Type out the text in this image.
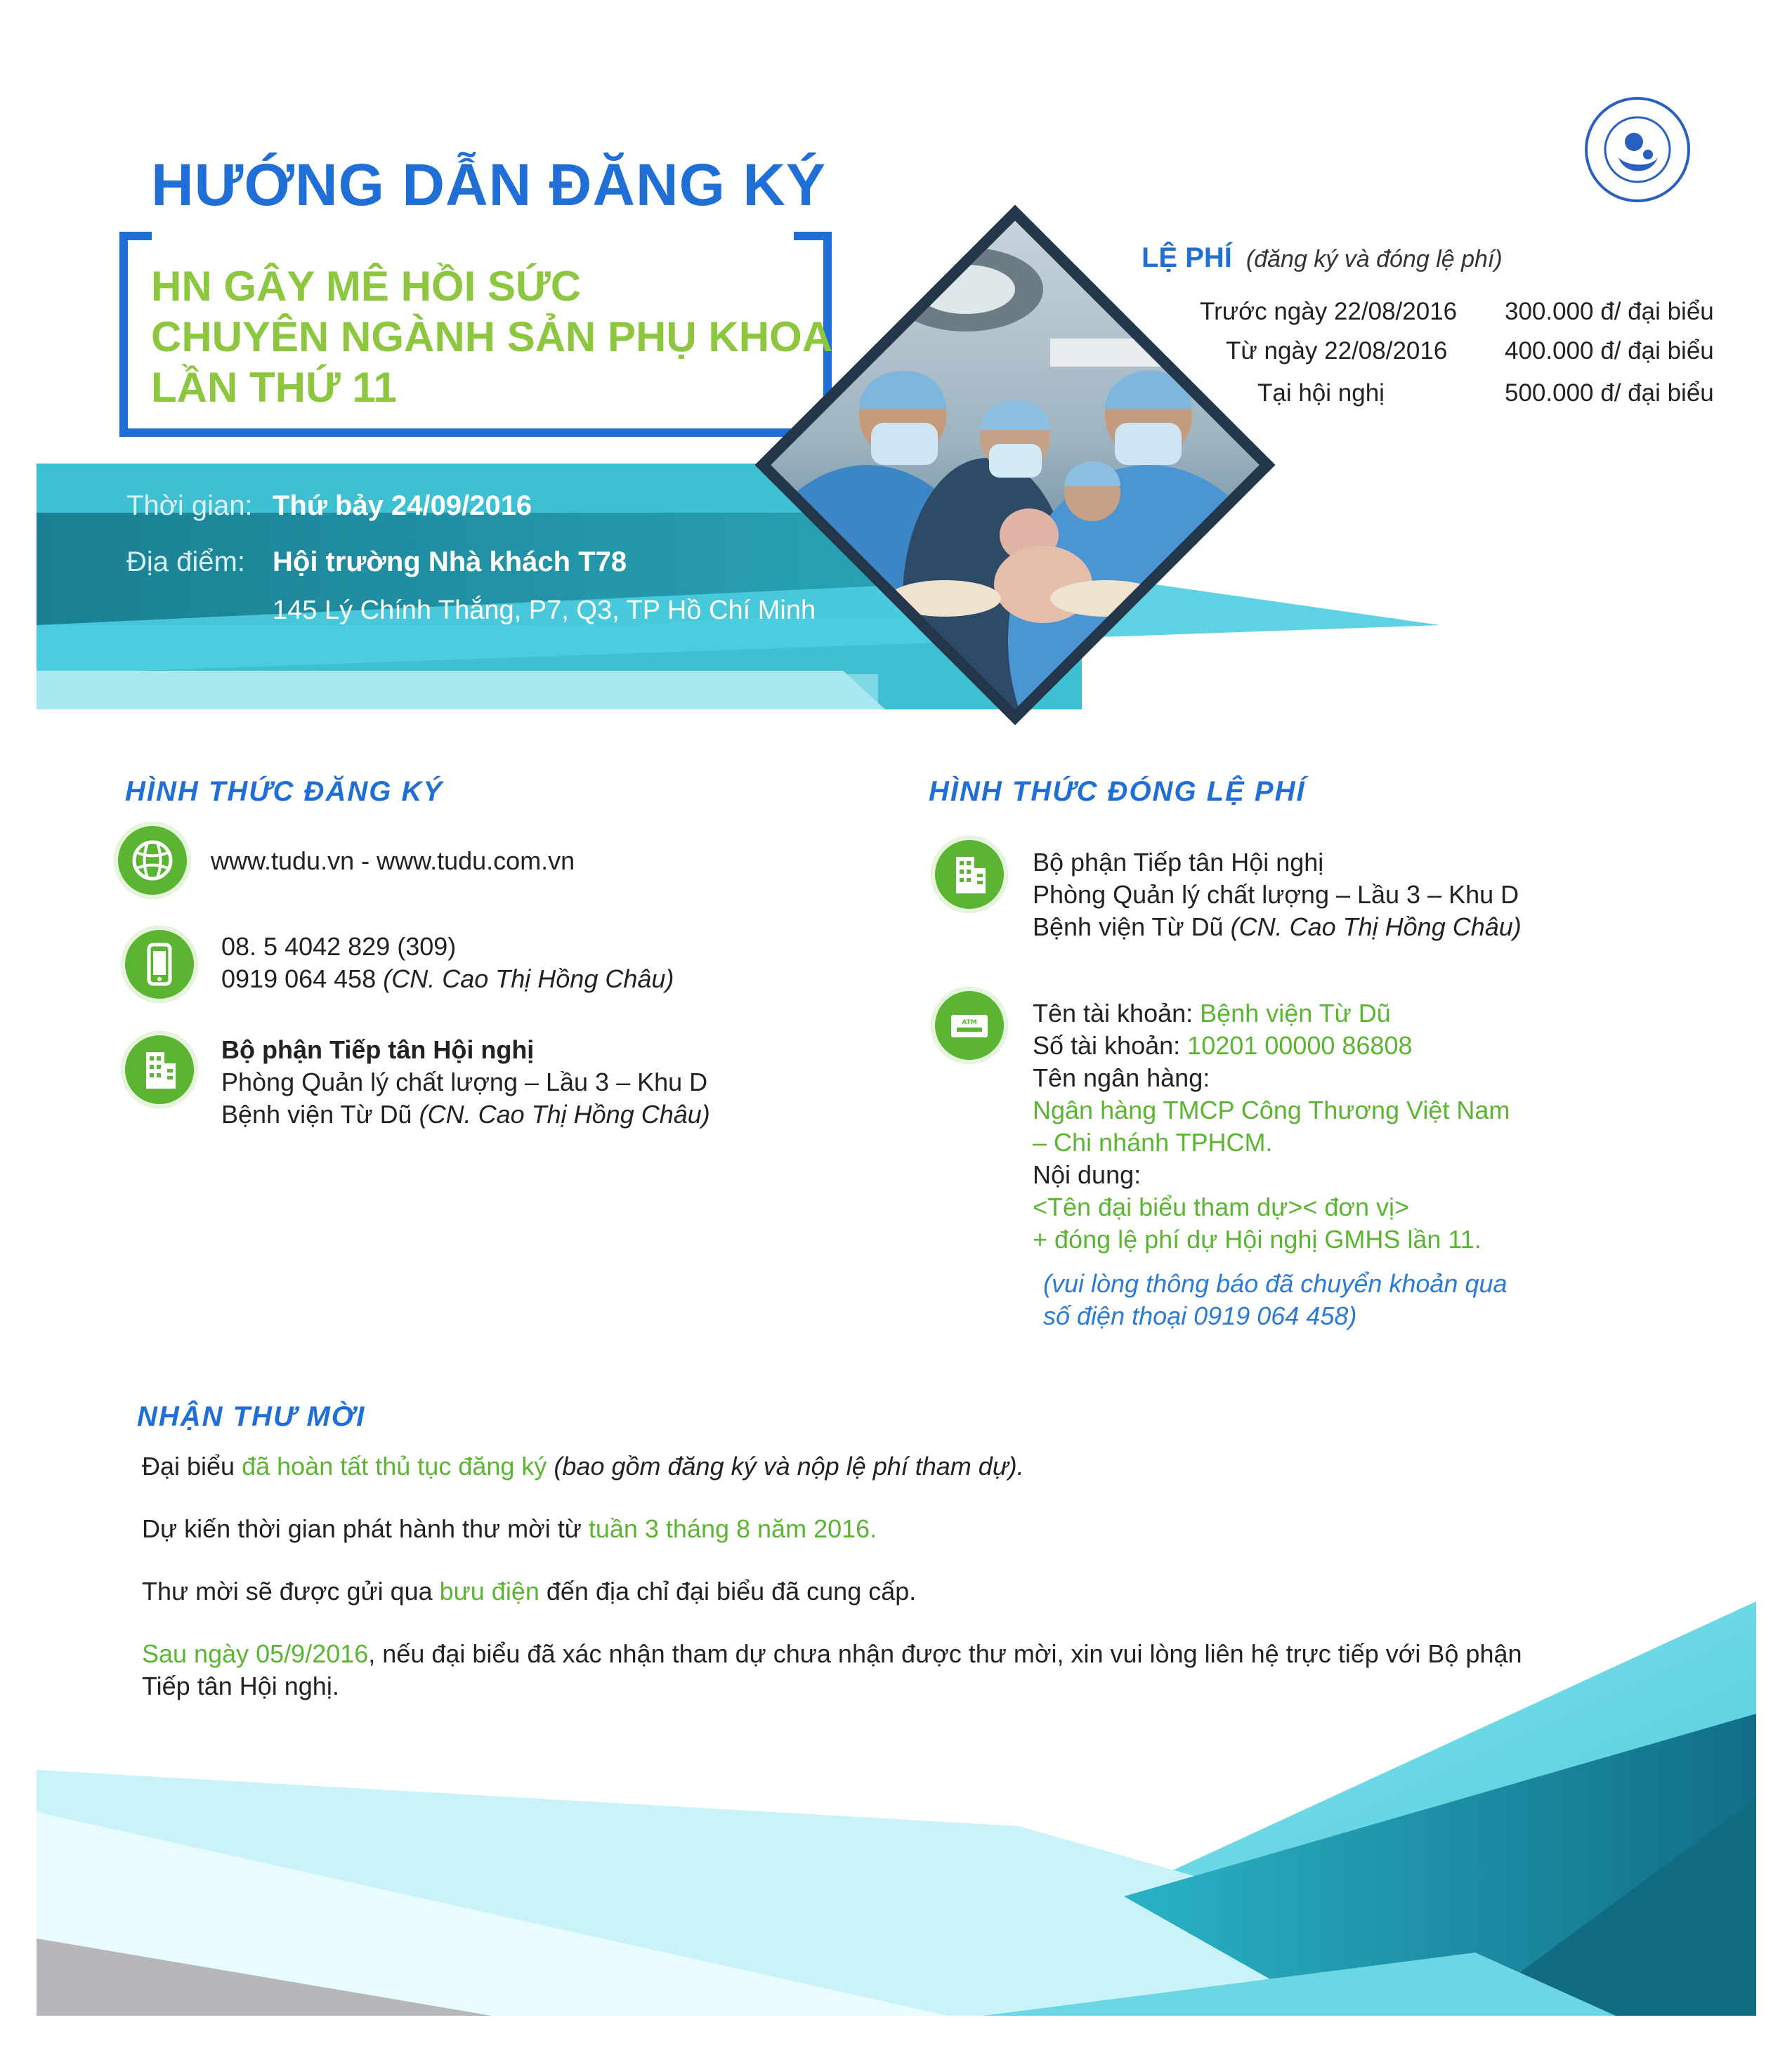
HƯỚNG DẪN ĐĂNG KÝ
HN GÂY MÊ HỒI SỨC
CHUYÊN NGÀNH SẢN PHỤ KHOA
LẦN THỨ 11
Thời gian: Thứ bảy 24/09/2016
Địa điểm: Hội trường Nhà khách T78
145 Lý Chính Thắng, P7, Q3, TP Hồ Chí Minh
LỆ PHÍ (đăng ký và đóng lệ phí)
Trước ngày 22/08/2016 300.000 đ/ đại biểu
Từ ngày 22/08/2016 400.000 đ/ đại biểu
Tại hội nghị	500.000 đ/ đại biểu
HÌNH THỨC ĐĂNG KÝ
www.tudu.vn - www.tudu.com.vn
08. 5 4042 829 (309)
0919 064 458 (CN. Cao Thị Hồng Châu)
Bộ phận Tiếp tân Hội nghị
Phòng Quản lý chất lượng – Lầu 3 – Khu D
Bệnh viện Từ Dũ (CN. Cao Thị Hồng Châu)
HÌNH THỨC ĐÓNG LỆ PHÍ
Bộ phận Tiếp tân Hội nghị
Phòng Quản lý chất lượng – Lầu 3 – Khu D
Bệnh viện Từ Dũ (CN. Cao Thị Hồng Châu)
ATM Tên tài khoản: Bệnh viện Từ Dũ
Số tài khoản: 10201 00000 86808
Tên ngân hàng:
Ngân hàng TMCP Công Thương Việt Nam
– Chi nhánh TPHCM.
Nội dung:
<Tên đại biểu tham dự>< đơn vị>
+ đóng lệ phí dự Hội nghị GMHS lần 11.
(vui lòng thông báo đã chuyển khoản qua
số điện thoại 0919 064 458)
NHẬN THƯ MỜI
Đại biểu đã hoàn tất thủ tục đăng ký (bao gồm đăng ký và nộp lệ phí tham dự).
Dự kiến thời gian phát hành thư mời từ tuần 3 tháng 8 năm 2016.
Thư mời sẽ được gửi qua bưu điện đến địa chỉ đại biểu đã cung cấp.
Sau ngày 05/9/2016, nếu đại biểu đã xác nhận tham dự chưa nhận được thư mời, xin vui lòng liên hệ trực tiếp với Bộ phận
Tiếp tân Hội nghị.
